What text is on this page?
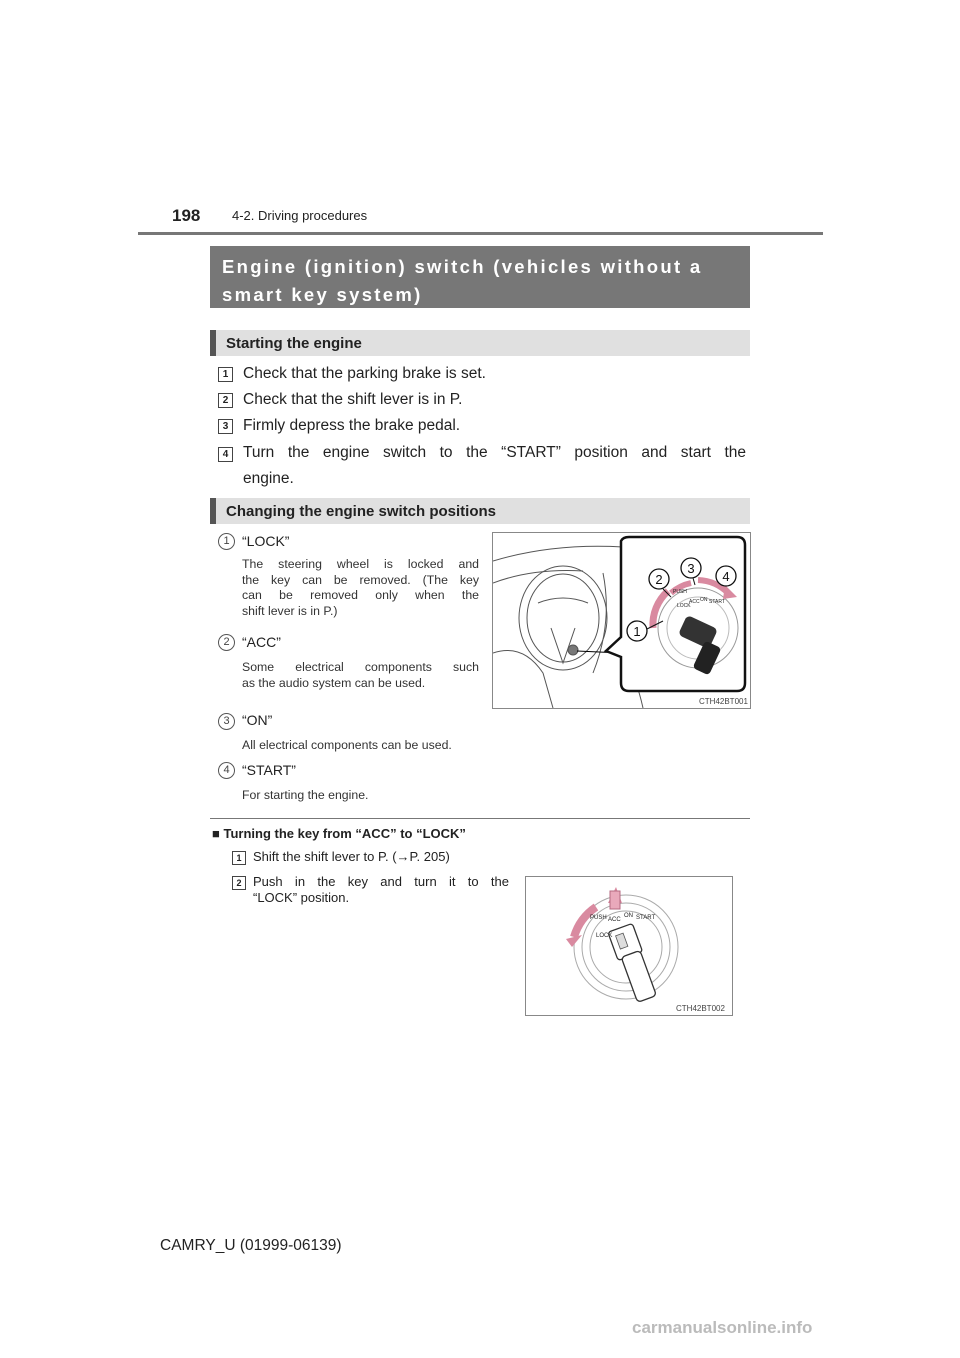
198 4-2. Driving procedures
Engine (ignition) switch (vehicles without a
smart key system)
Starting the engine
1 Check that the parking brake is set.
2 Check that the shift lever is in P.
3 Firmly depress the brake pedal.
4 Turn the engine switch to the “START” position and start the
engine.
Changing the engine switch positions
1 “LOCK”
The steering wheel is locked and
the key can be removed. (The key
can be removed only when the
shift lever is in P.)
2 “ACC”
Some electrical components such
as the audio system can be used.
3 “ON”
All electrical components can be used.
4 “START”
For starting the engine.
LOCK
PUSH
ACC ON START
1
2
3
4
CTH42BT001
■ Turning the key from “ACC” to “LOCK”
1 Shift the shift lever to P. (→P. 205)
2 Push in the key and turn it to the
“LOCK” position.
LOCK
PUSH ACC
ON START
CTH42BT002
CAMRY_U (01999-06139)
carmanualsonline.info
